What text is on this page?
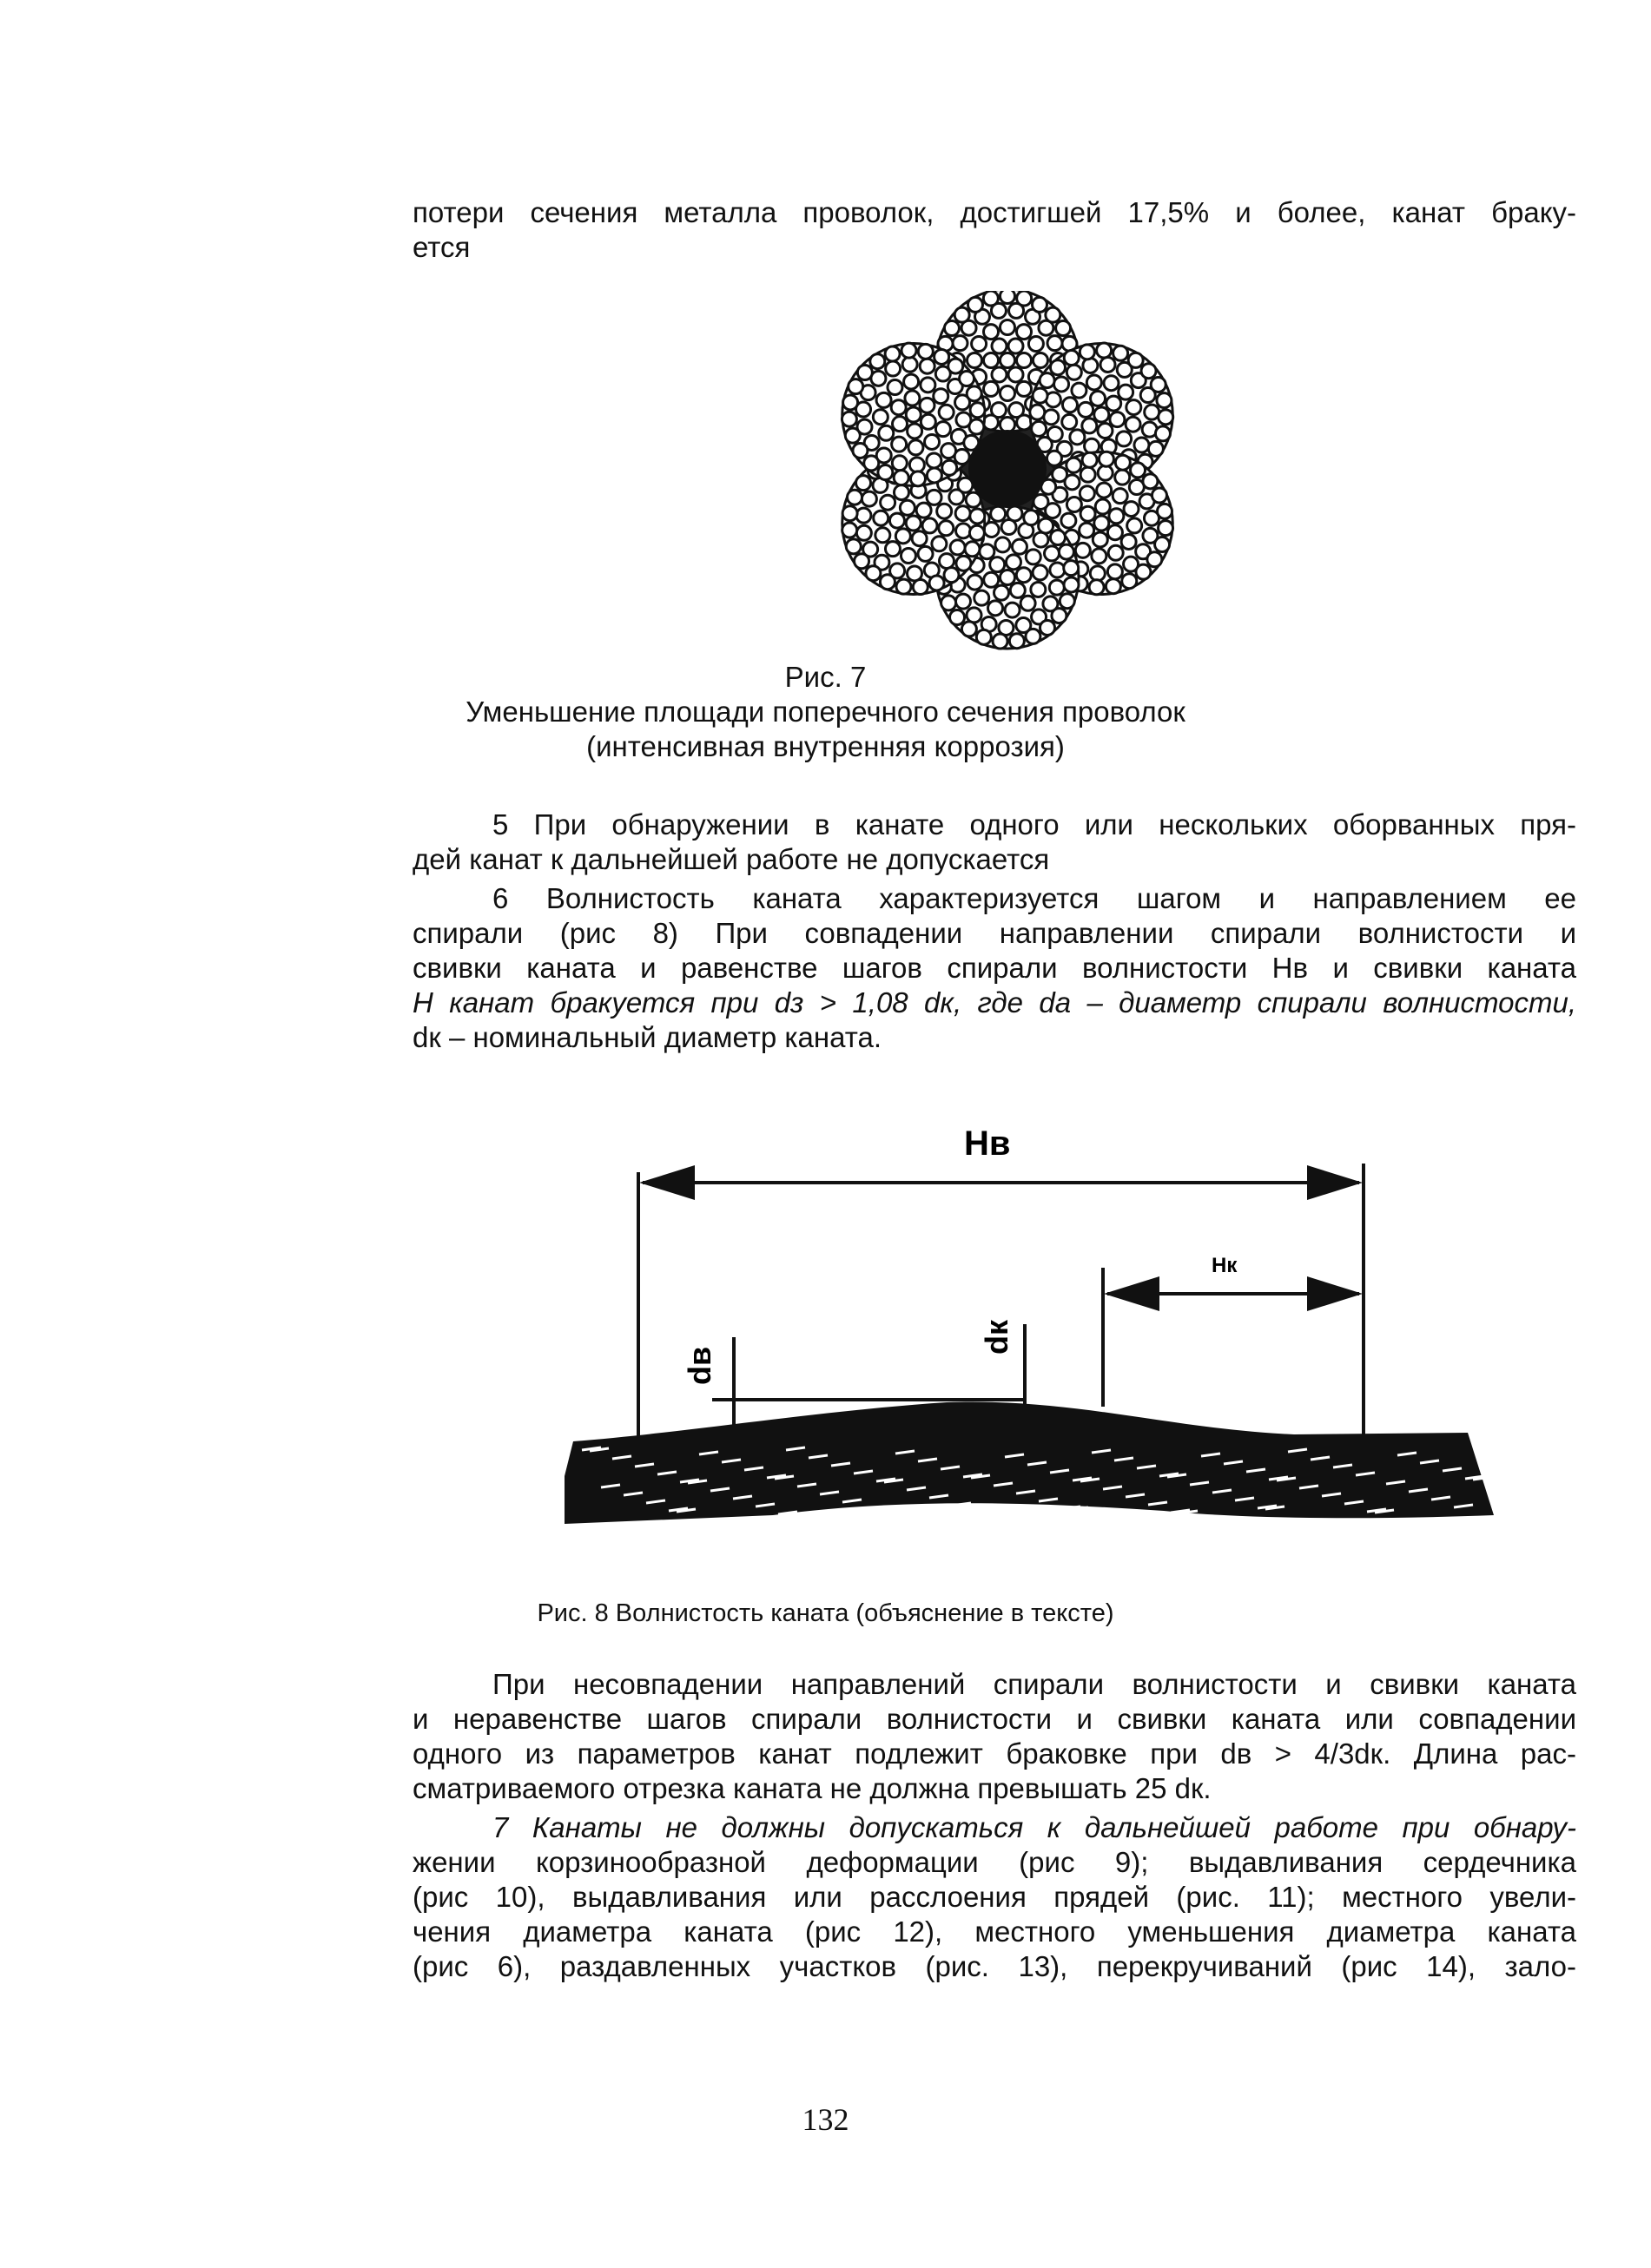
потери сечения металла проволок, достигшей 17,5% и более, канат браку-
ется
Рис. 7
Уменьшение площади поперечного сечения проволок
(интенсивная внутренняя коррозия)
5 При обнаружении в канате одного или нескольких оборванных пря-
дей канат к дальнейшей работе не допускается
6 Волнистость каната характеризуется шагом и направлением ее
спирали (рис 8) При совпадении направлении спирали волнистости и
свивки каната и равенстве шагов спирали волнистости Hв и свивки каната
H канат бракуется при dз > 1,08 dк, где dа – диаметр спирали волнистости,
dк – номинальный диаметр каната.
Hв
Hк
dв
dк
Рис. 8 Волнистость каната (объяснение в тексте)
При несовпадении направлений спирали волнистости и свивки каната
и неравенстве шагов спирали волнистости и свивки каната или совпадении
одного из параметров канат подлежит браковке при dв > 4/3dк. Длина рас-
сматриваемого отрезка каната не должна превышать 25 dк.
7 Канаты не должны допускаться к дальнейшей работе при обнару-
жении корзинообразной деформации (рис 9); выдавливания сердечника
(рис 10), выдавливания или расслоения прядей (рис. 11); местного увели-
чения диаметра каната (рис 12), местного уменьшения диаметра каната
(рис 6), раздавленных участков (рис. 13), перекручиваний (рис 14), зало-
132
